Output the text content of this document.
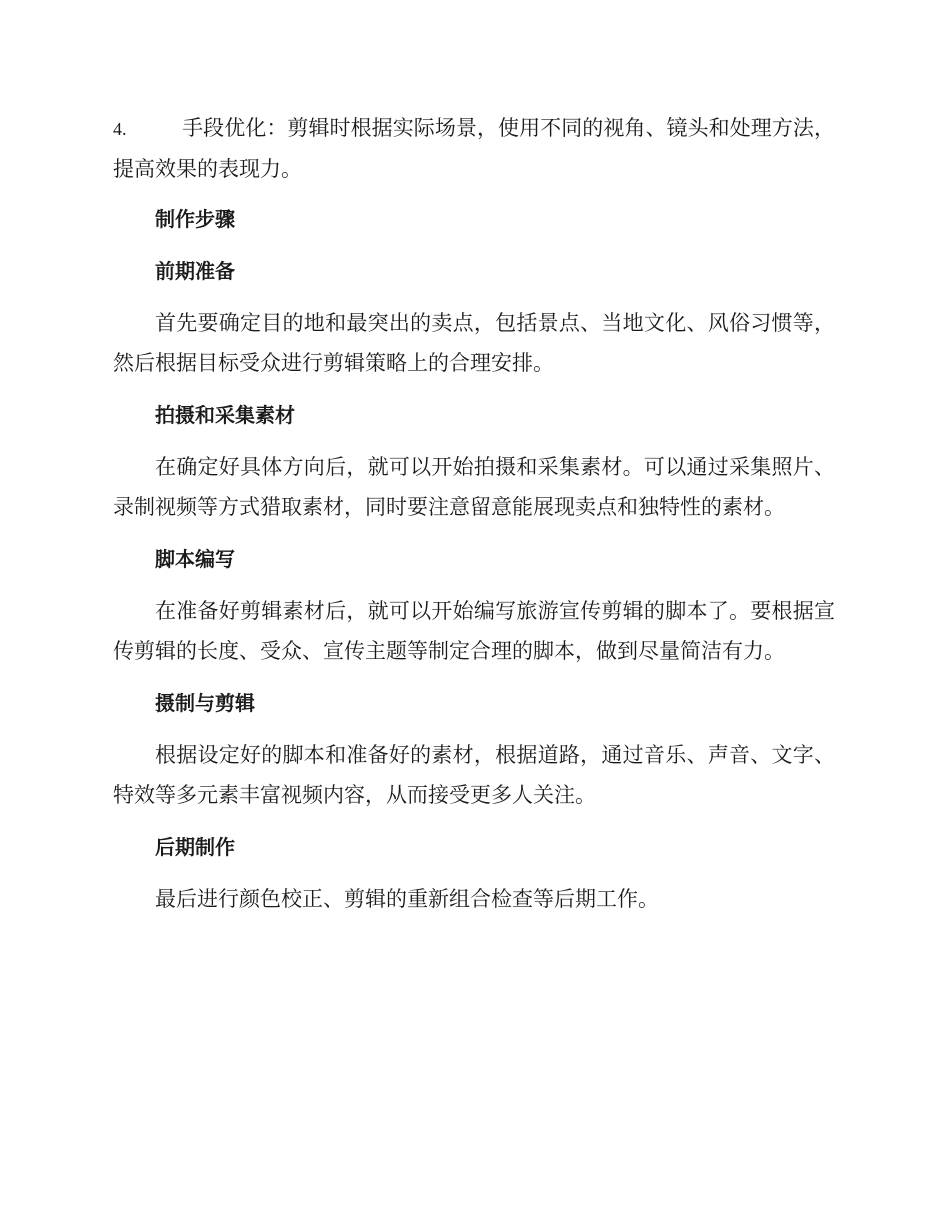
4.	手段优化：剪辑时根据实际场景，使用不同的视角、镜头和处理方法，提高效果的表现力。

制作步骤
前期准备

首先要确定目的地和最突出的卖点，包括景点、当地文化、风俗习惯等，然后根据目标受众进行剪辑策略上的合理安排。

拍摄和采集素材

在确定好具体方向后，就可以开始拍摄和采集素材。可以通过采集照片、录制视频等方式猎取素材，同时要注意留意能展现卖点和独特性的素材。

脚本编写

在准备好剪辑素材后，就可以开始编写旅游宣传剪辑的脚本了。要根据宣传剪辑的长度、受众、宣传主题等制定合理的脚本，做到尽量简洁有力。

摄制与剪辑

根据设定好的脚本和准备好的素材，根据道路，通过音乐、声音、文字、特效等多元素丰富视频内容，从而接受更多人关注。

后期制作

最后进行颜色校正、剪辑的重新组合检查等后期工作。
